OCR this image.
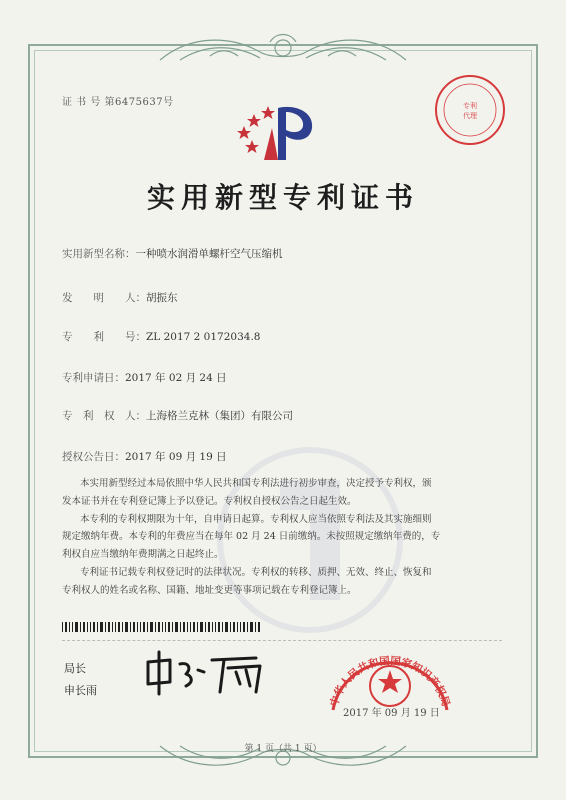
证 书 号 第6475637号	专利
代理
实用新型专利证书
实用新型名称：一种喷水润滑单螺杆空气压缩机
发　　明　　人：胡振东
专　　利　　号：ZL 2017 2 0172034.8
专利申请日：2017 年 02 月 24 日
专　利　权　人：上海格兰克林（集团）有限公司
授权公告日：2017 年 09 月 19 日

本实用新型经过本局依照中华人民共和国专利法进行初步审查，决定授予专利权，颁

发本证书并在专利登记簿上予以登记。专利权自授权公告之日起生效。

本专利的专利权期限为十年，自申请日起算。专利权人应当依照专利法及其实施细则

规定缴纳年费。本专利的年费应当在每年 02 月 24 日前缴纳。未按照规定缴纳年费的，专

利权自应当缴纳年费期满之日起终止。

专利证书记载专利权登记时的法律状况。专利权的转移、质押、无效、终止、恢复和

专利权人的姓名或名称、国籍、地址变更等事项记载在专利登记簿上。

局长
申长雨
中华人民共和国国家知识产权局
2017 年 09 月 19 日
第 1 页（共 1 页）
